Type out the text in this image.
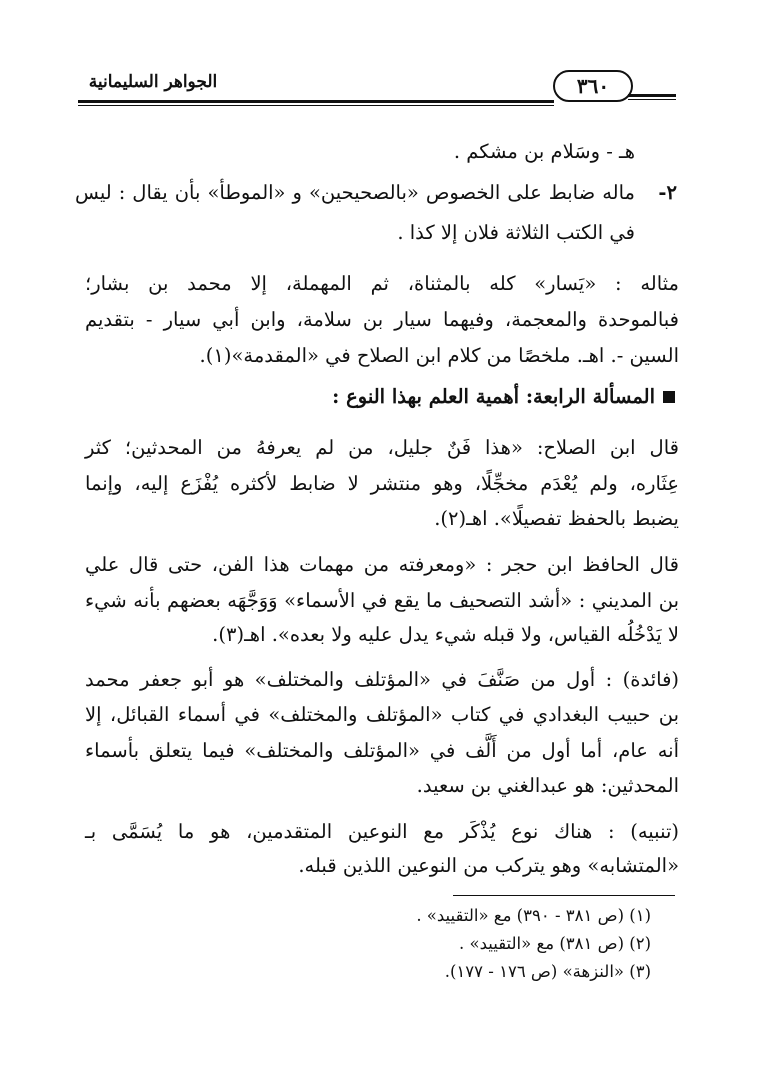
الجواهر السليمانية	٣٦٠
هـ - وسَلام بن مشكم .
٢-
ماله ضابط على الخصوص «بالصحيحين» و «الموطأ» بأن يقال : ليس
في الكتب الثلاثة فلان إلا كذا .
مثاله : «يَسار» كله بالمثناة، ثم المهملة، إلا محمد بن بشار؛
فبالموحدة والمعجمة، وفيهما سيار بن سلامة، وابن أبي سيار - بتقديم
السين -. اهـ. ملخصًا من كلام ابن الصلاح في «المقدمة»(١).
المسألة الرابعة: أهمية العلم بهذا النوع :
قال ابن الصلاح: «هذا فَنٌ جليل، من لم يعرفهُ من المحدثين؛ كثر
عِثَاره، ولم يُعْدَم مخجِّلًا، وهو منتشر لا ضابط لأكثره يُفْزَع إليه، وإنما
يضبط بالحفظ تفصيلًا». اهـ(٢).
قال الحافظ ابن حجر : «ومعرفته من مهمات هذا الفن، حتى قال علي
بن المديني : «أشد التصحيف ما يقع في الأسماء» وَوَجَّهَه بعضهم بأنه شيء
لا يَدْخُلُه القياس، ولا قبله شيء يدل عليه ولا بعده». اهـ(٣).
(فائدة) : أول من صَنَّفَ في «المؤتلف والمختلف» هو أبو جعفر محمد
بن حبيب البغدادي في كتاب «المؤتلف والمختلف» في أسماء القبائل، إلا
أنه عام، أما أول من أَلَّف في «المؤتلف والمختلف» فيما يتعلق بأسماء
المحدثين: هو عبدالغني بن سعيد.
(تنبيه) : هناك نوع يُذْكَر مع النوعين المتقدمين، هو ما يُسَمَّى بـ
«المتشابه» وهو يتركب من النوعين اللذين قبله.
(١) (ص ٣٨١ - ٣٩٠) مع «التقييد» .
(٢) (ص ٣٨١) مع «التقييد» .
(٣) «النزهة» (ص ١٧٦ - ١٧٧).
